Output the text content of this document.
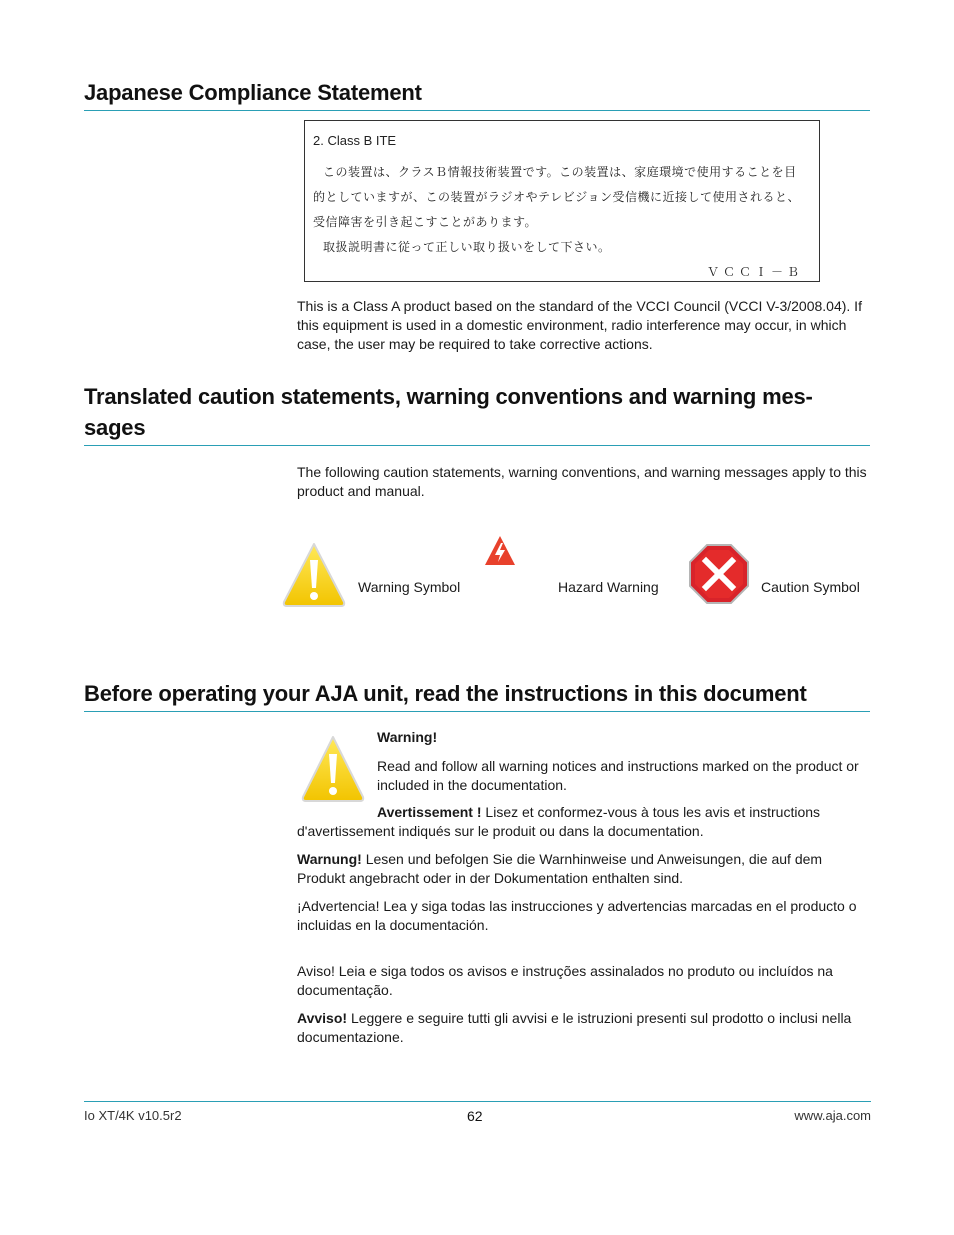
Japanese Compliance Statement
2. Class B ITE
この装置は、クラスＢ情報技術装置です。この装置は、家庭環境で使用することを目
的としていますが、この装置がラジオやテレビジョン受信機に近接して使用されると、
受信障害を引き起こすことがあります。
取扱説明書に従って正しい取り扱いをして下さい。
ＶＣＣＩ－Ｂ

This is a Class A product based on the standard of the VCCI Council (VCCI V-3/2008.04). If this equipment is used in a domestic environment, radio interference may occur, in which case, the user may be required to take corrective actions.

Translated caution statements, warning conventions and warning mes-
sages

The following caution statements, warning conventions, and warning messages apply to this product and manual.

Warning Symbol	Hazard Warning	Caution Symbol
Before operating your AJA unit, read the instructions in this document

Warning!

Read and follow all warning notices and instructions marked on the product or included in the documentation.

Avertissement ! Lisez et conformez-vous à tous les avis et instructions d'avertissement indiqués sur le produit ou dans la documentation.

Warnung! Lesen und befolgen Sie die Warnhinweise und Anweisungen, die auf dem Produkt angebracht oder in der Dokumentation enthalten sind.

¡Advertencia! Lea y siga todas las instrucciones y advertencias marcadas en el producto o incluidas en la documentación.

Aviso! Leia e siga todos os avisos e instruções assinalados no produto ou incluídos na documentação.

Avviso! Leggere e seguire tutti gli avvisi e le istruzioni presenti sul prodotto o inclusi nella documentazione.

Io XT/4K v10.5r2	62	www.aja.com
